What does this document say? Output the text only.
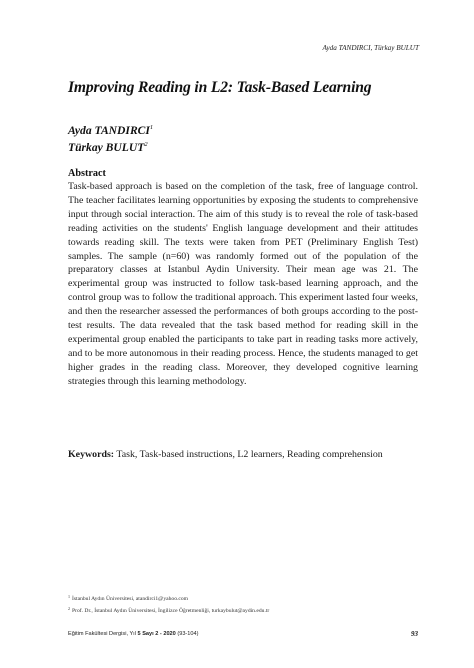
Ayda TANDIRCI, Türkay BULUT
Improving Reading in L2: Task-Based Learning
Ayda TANDIRCI$^1$
Türkay BULUT$^2$

Abstract

Task-based approach is based on the completion of the task, free of language control. The teacher facilitates learning opportunities by exposing the students to comprehensive input through social interaction. The aim of this study is to reveal the role of task-based reading activities on the students' English language development and their attitudes towards reading skill. The texts were taken from PET (Preliminary English Test) samples. The sample (n=60) was randomly formed out of the population of the preparatory classes at Istanbul Aydin University. Their mean age was 21. The experimental group was instructed to follow task-based learning approach, and the control group was to follow the traditional approach. This experiment lasted four weeks, and then the researcher assessed the performances of both groups according to the post-test results. The data revealed that the task based method for reading skill in the experimental group enabled the participants to take part in reading tasks more actively, and to be more autonomous in their reading process. Hence, the students managed to get higher grades in the reading class. Moreover, they developed cognitive learning strategies through this learning methodology.

Keywords: Task, Task-based instructions, L2 learners, Reading comprehension

$^1$ İstanbul Aydın Üniversitesi, atandirci1@yahoo.com
$^2$ Prof. Dr., İstanbul Aydın Üniversitesi, İngilizce Öğretmenliği, turkaybulut@aydin.edu.tr
Eğitim Fakültesi Dergisi, Yıl 5 Sayı 2 - 2020 (93-104)	93
